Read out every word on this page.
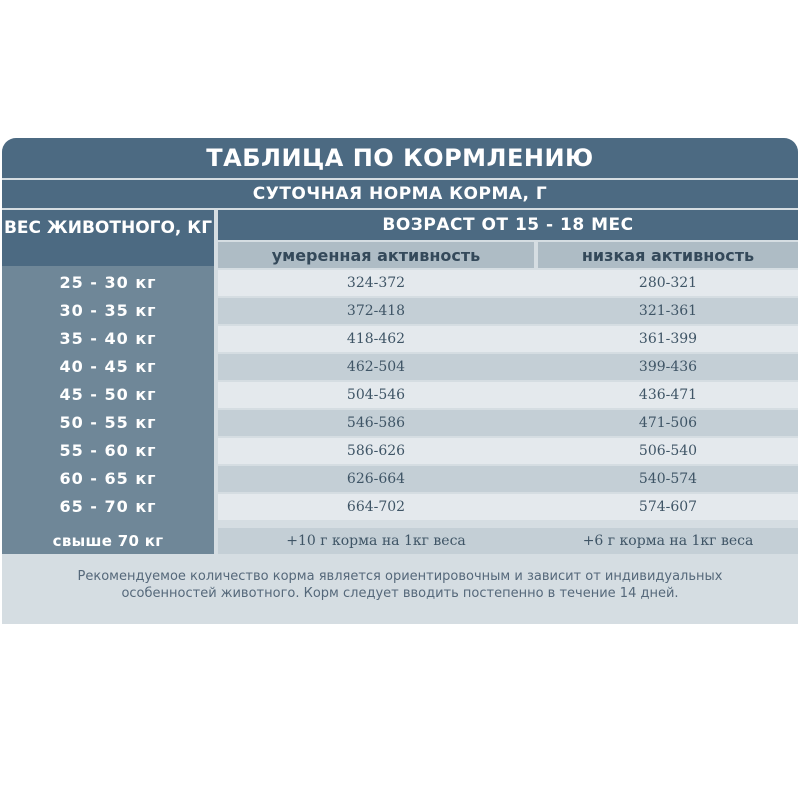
ТАБЛИЦА ПО КОРМЛЕНИЮ
СУТОЧНАЯ НОРМА КОРМА, Г
ВЕС ЖИВОТНОГО, КГ	ВОЗРАСТ ОТ 15 - 18 МЕС
умеренная активность	низкая активность
25 - 30 кг	324-372	280-321
30 - 35 кг	372-418	321-361
35 - 40 кг	418-462	361-399
40 - 45 кг	462-504	399-436
45 - 50 кг	504-546	436-471
50 - 55 кг	546-586	471-506
55 - 60 кг	586-626	506-540
60 - 65 кг	626-664	540-574
65 - 70 кг	664-702	574-607
свыше 70 кг	+10 г корма на 1кг веса	+6 г корма на 1кг веса
Рекомендуемое количество корма является ориентировочным и зависит от индивидуальных особенностей животного. Корм следует вводить постепенно в течение 14 дней.
